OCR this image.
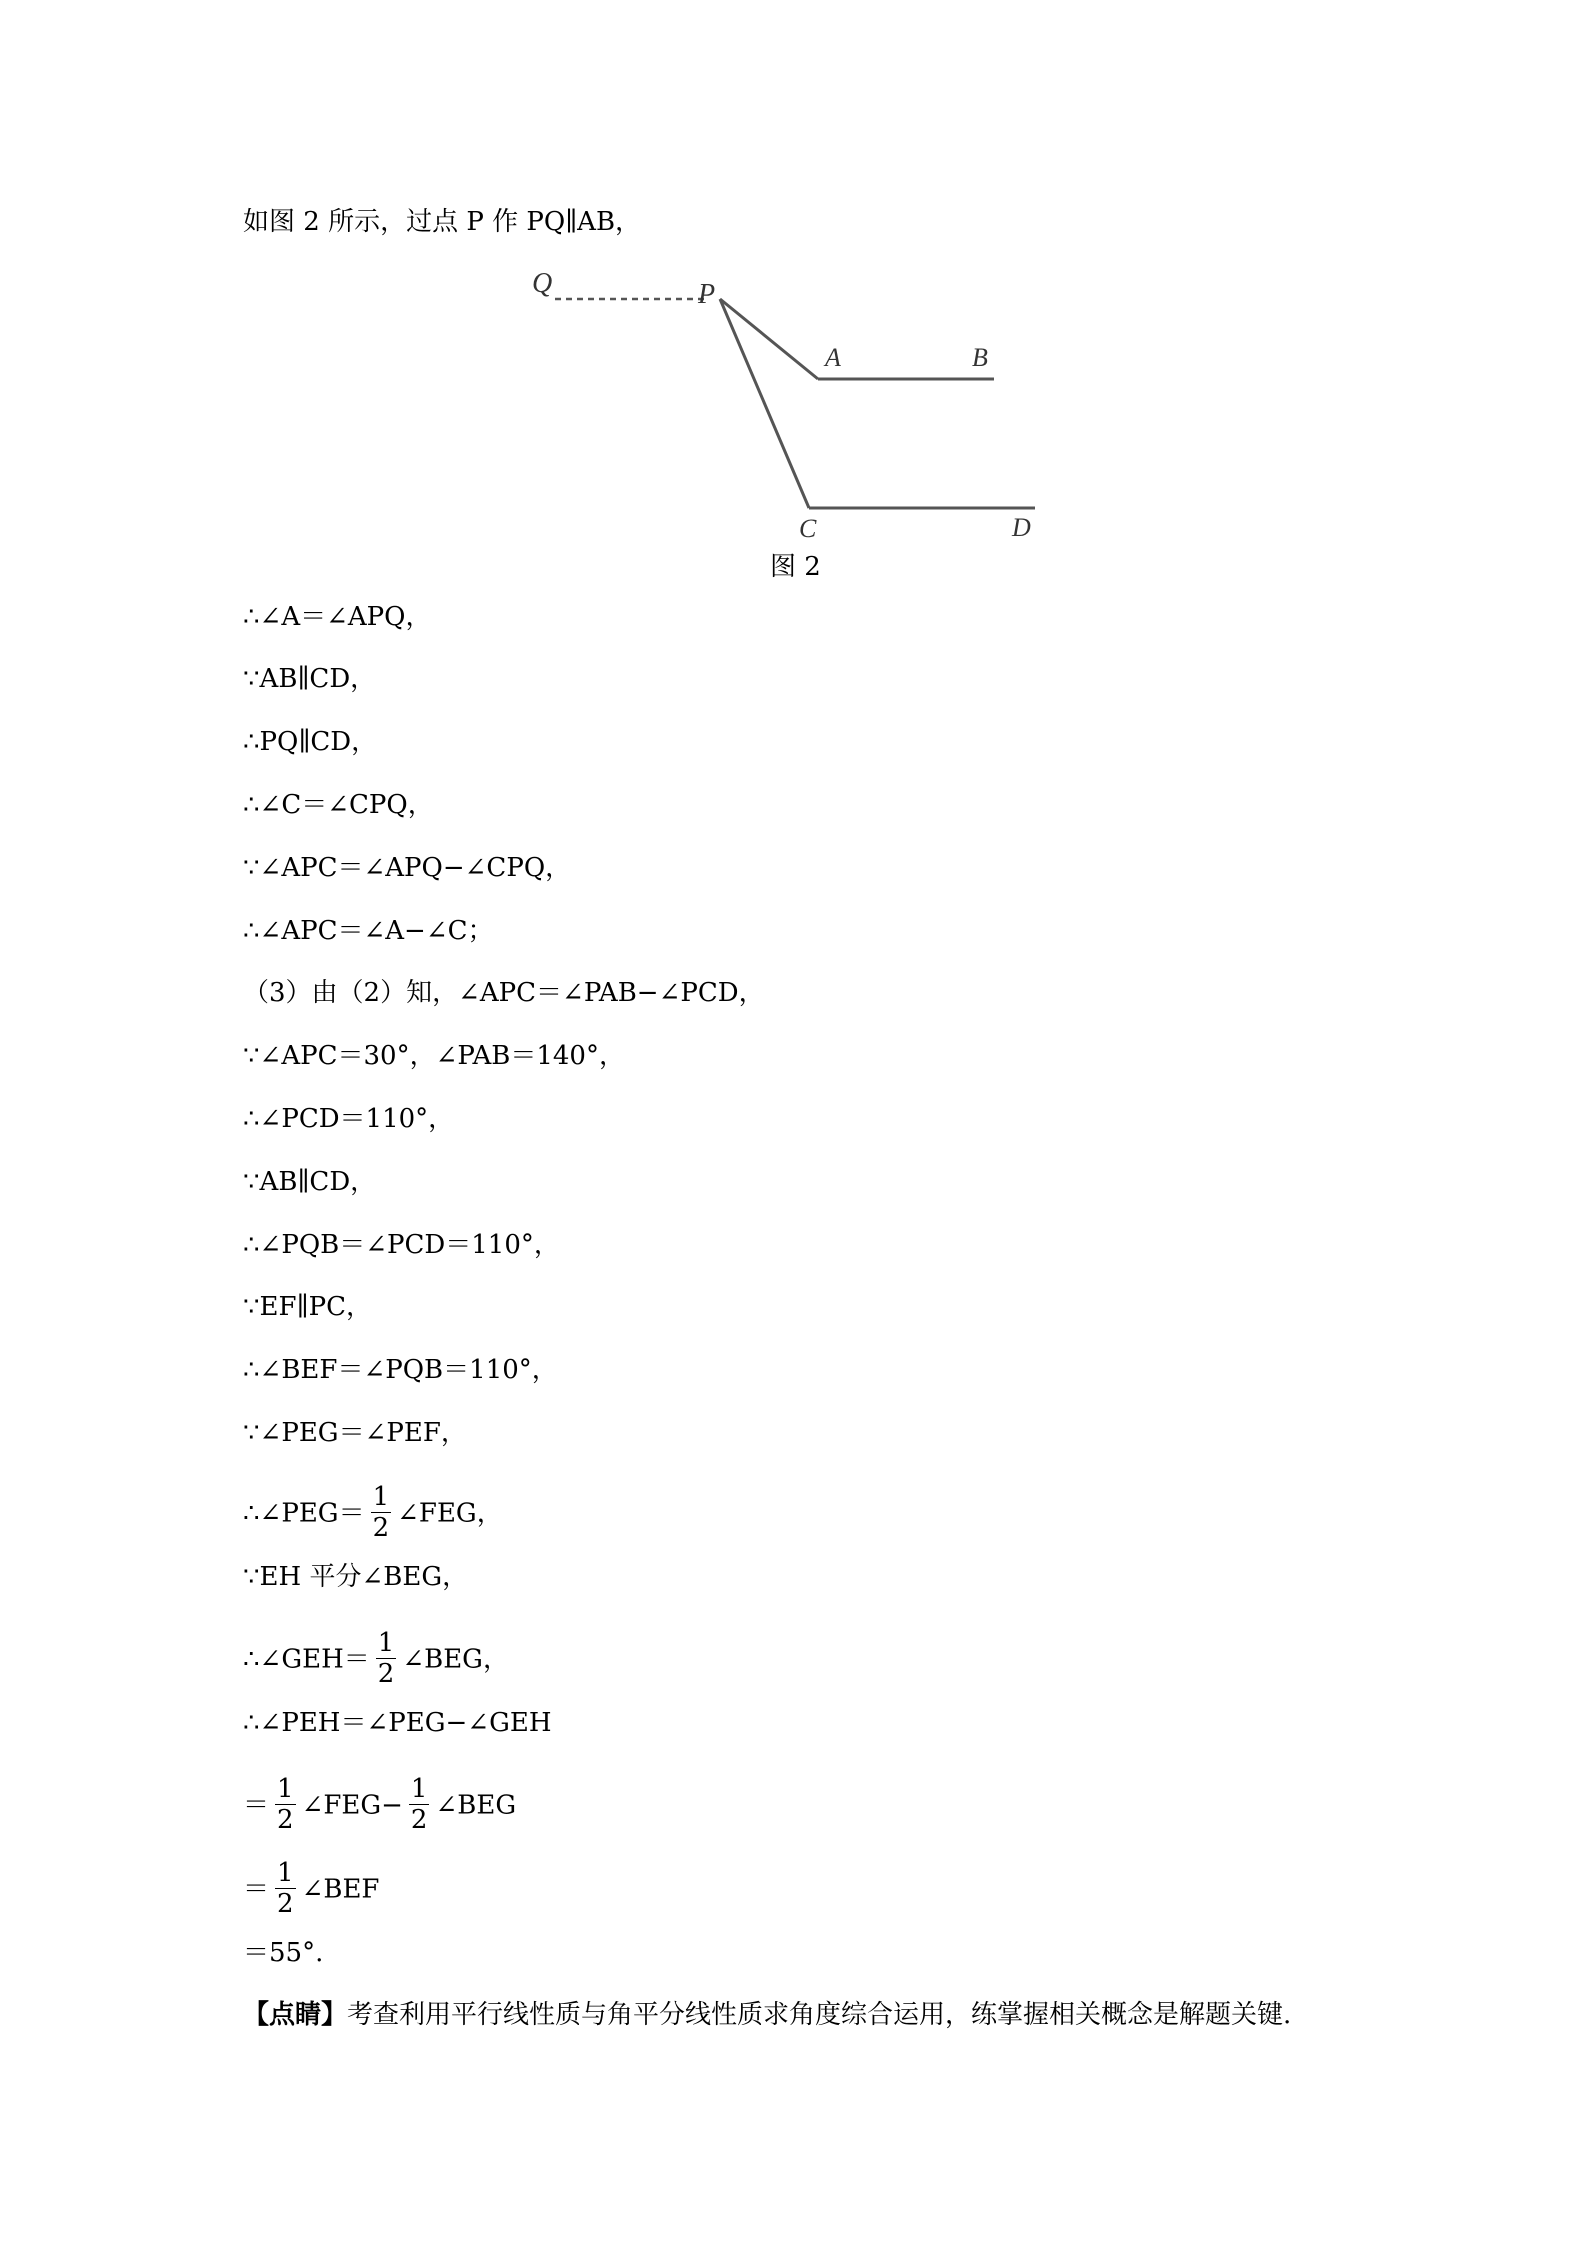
如图 2 所示，过点 P 作 PQ∥AB，
Q	P
A	B
C	D
图 2
∴∠A＝∠APQ，
∵AB∥CD，
∴PQ∥CD，
∴∠C＝∠CPQ，
∵∠APC＝∠APQ−∠CPQ，
∴∠APC＝∠A−∠C；
（3）由（2）知，∠APC＝∠PAB−∠PCD，
∵∠APC＝30°，∠PAB＝140°，
∴∠PCD＝110°，
∵AB∥CD，
∴∠PQB＝∠PCD＝110°，
∵EF∥PC，
∴∠BEF＝∠PQB＝110°，
∵∠PEG＝∠PEF，
∴∠PEG＝ $\frac{1}{2}$ ∠FEG，
∵EH 平分∠BEG，
∴∠GEH＝ $\frac{1}{2}$ ∠BEG，
∴∠PEH＝∠PEG−∠GEH
＝ $\frac{1}{2}$ ∠FEG− $\frac{1}{2}$ ∠BEG
＝ $\frac{1}{2}$ ∠BEF
＝55°.
【点睛】考查利用平行线性质与角平分线性质求角度综合运用，练掌握相关概念是解题关键.
